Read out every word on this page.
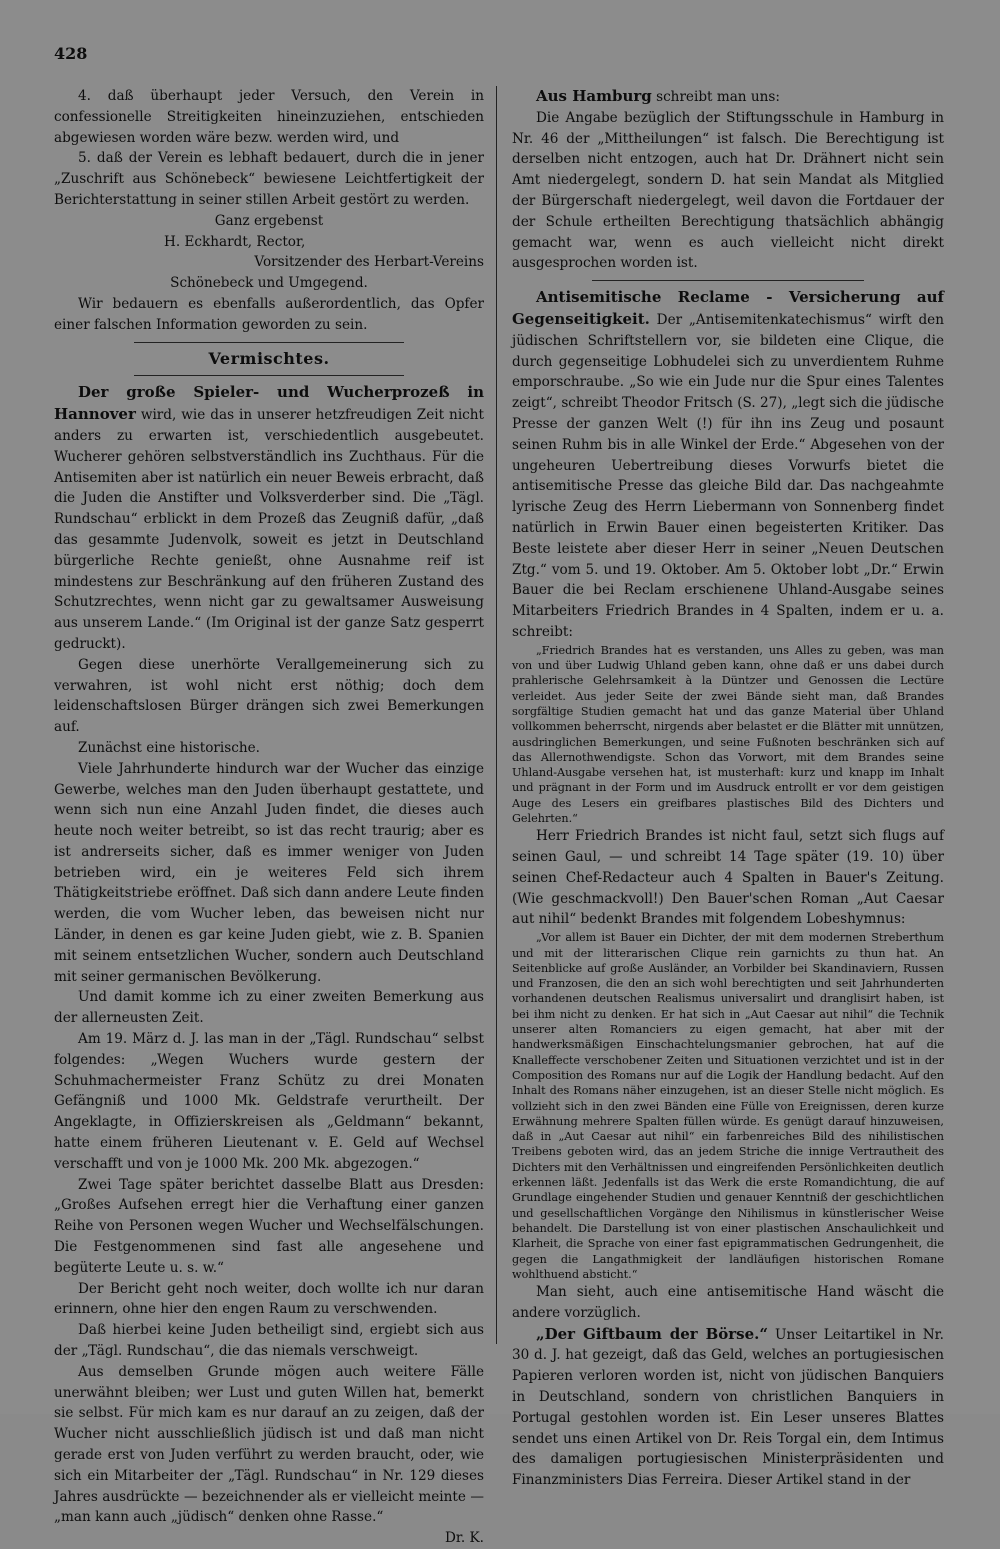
428

4. daß überhaupt jeder Versuch, den Verein in confessionelle Streitigkeiten hineinzuziehen, entschieden abgewiesen worden wäre bezw. werden wird, und

5. daß der Verein es lebhaft bedauert, durch die in jener „Zuschrift aus Schönebeck“ bewiesene Leichtfertigkeit der Berichterstattung in seiner stillen Arbeit gestört zu werden.

Ganz ergebenst

H. Eckhardt, Rector,

Vorsitzender des Herbart-Vereins

Schönebeck und Umgegend.

Wir bedauern es ebenfalls außerordentlich, das Opfer einer falschen Information geworden zu sein.

Vermischtes.

Der große Spieler- und Wucherprozeß in Hannover wird, wie das in unserer hetzfreudigen Zeit nicht anders zu erwarten ist, verschiedentlich ausgebeutet. Wucherer gehören selbstverständlich ins Zuchthaus. Für die Antisemiten aber ist natürlich ein neuer Beweis erbracht, daß die Juden die Anstifter und Volksverderber sind. Die „Tägl. Rundschau“ erblickt in dem Prozeß das Zeugniß dafür, „daß das gesammte Judenvolk, soweit es jetzt in Deutschland bürgerliche Rechte genießt, ohne Ausnahme reif ist mindestens zur Beschränkung auf den früheren Zustand des Schutzrechtes, wenn nicht gar zu gewaltsamer Ausweisung aus unserem Lande.“ (Im Original ist der ganze Satz gesperrt gedruckt).

Gegen diese unerhörte Verallgemeinerung sich zu verwahren, ist wohl nicht erst nöthig; doch dem leidenschaftslosen Bürger drängen sich zwei Bemerkungen auf.

Zunächst eine historische.

Viele Jahrhunderte hindurch war der Wucher das einzige Gewerbe, welches man den Juden überhaupt gestattete, und wenn sich nun eine Anzahl Juden findet, die dieses auch heute noch weiter betreibt, so ist das recht traurig; aber es ist andrerseits sicher, daß es immer weniger von Juden betrieben wird, ein je weiteres Feld sich ihrem Thätigkeitstriebe eröffnet. Daß sich dann andere Leute finden werden, die vom Wucher leben, das beweisen nicht nur Länder, in denen es gar keine Juden giebt, wie z. B. Spanien mit seinem entsetzlichen Wucher, sondern auch Deutschland mit seiner germanischen Bevölkerung.

Und damit komme ich zu einer zweiten Bemerkung aus der allerneusten Zeit.

Am 19. März d. J. las man in der „Tägl. Rundschau“ selbst folgendes: „Wegen Wuchers wurde gestern der Schuhmachermeister Franz Schütz zu drei Monaten Gefängniß und 1000 Mk. Geldstrafe verurtheilt. Der Angeklagte, in Offizierskreisen als „Geldmann“ bekannt, hatte einem früheren Lieutenant v. E. Geld auf Wechsel verschafft und von je 1000 Mk. 200 Mk. abgezogen.“

Zwei Tage später berichtet dasselbe Blatt aus Dresden: „Großes Aufsehen erregt hier die Verhaftung einer ganzen Reihe von Personen wegen Wucher und Wechselfälschungen. Die Festgenommenen sind fast alle angesehene und begüterte Leute u. s. w.“

Der Bericht geht noch weiter, doch wollte ich nur daran erinnern, ohne hier den engen Raum zu verschwenden.

Daß hierbei keine Juden betheiligt sind, ergiebt sich aus der „Tägl. Rundschau“, die das niemals verschweigt.

Aus demselben Grunde mögen auch weitere Fälle unerwähnt bleiben; wer Lust und guten Willen hat, bemerkt sie selbst. Für mich kam es nur darauf an zu zeigen, daß der Wucher nicht ausschließlich jüdisch ist und daß man nicht gerade erst von Juden verführt zu werden braucht, oder, wie sich ein Mitarbeiter der „Tägl. Rundschau“ in Nr. 129 dieses Jahres ausdrückte — bezeichnender als er vielleicht meinte — „man kann auch „jüdisch“ denken ohne Rasse.“

Dr. K.

Aus Hamburg schreibt man uns:

Die Angabe bezüglich der Stiftungsschule in Hamburg in Nr. 46 der „Mittheilungen“ ist falsch. Die Berechtigung ist derselben nicht entzogen, auch hat Dr. Drähnert nicht sein Amt niedergelegt, sondern D. hat sein Mandat als Mitglied der Bürgerschaft niedergelegt, weil davon die Fortdauer der der Schule ertheilten Berechtigung thatsächlich abhängig gemacht war, wenn es auch vielleicht nicht direkt ausgesprochen worden ist.

Antisemitische Reclame - Versicherung auf Gegenseitigkeit. Der „Antisemitenkatechismus“ wirft den jüdischen Schriftstellern vor, sie bildeten eine Clique, die durch gegenseitige Lobhudelei sich zu unverdientem Ruhme emporschraube. „So wie ein Jude nur die Spur eines Talentes zeigt“, schreibt Theodor Fritsch (S. 27), „legt sich die jüdische Presse der ganzen Welt (!) für ihn ins Zeug und posaunt seinen Ruhm bis in alle Winkel der Erde.“ Abgesehen von der ungeheuren Uebertreibung dieses Vorwurfs bietet die antisemitische Presse das gleiche Bild dar. Das nachgeahmte lyrische Zeug des Herrn Liebermann von Sonnenberg findet natürlich in Erwin Bauer einen begeisterten Kritiker. Das Beste leistete aber dieser Herr in seiner „Neuen Deutschen Ztg.“ vom 5. und 19. Oktober. Am 5. Oktober lobt „Dr.“ Erwin Bauer die bei Reclam erschienene Uhland-Ausgabe seines Mitarbeiters Friedrich Brandes in 4 Spalten, indem er u. a. schreibt:

„Friedrich Brandes hat es verstanden, uns Alles zu geben, was man von und über Ludwig Uhland geben kann, ohne daß er uns dabei durch prahlerische Gelehrsamkeit à la Düntzer und Genossen die Lectüre verleidet. Aus jeder Seite der zwei Bände sieht man, daß Brandes sorgfältige Studien gemacht hat und das ganze Material über Uhland vollkommen beherrscht, nirgends aber belastet er die Blätter mit unnützen, ausdringlichen Bemerkungen, und seine Fußnoten beschränken sich auf das Allernothwendigste. Schon das Vorwort, mit dem Brandes seine Uhland-Ausgabe versehen hat, ist musterhaft: kurz und knapp im Inhalt und prägnant in der Form und im Ausdruck entrollt er vor dem geistigen Auge des Lesers ein greifbares plastisches Bild des Dichters und Gelehrten.“

Herr Friedrich Brandes ist nicht faul, setzt sich flugs auf seinen Gaul, — und schreibt 14 Tage später (19. 10) über seinen Chef-Redacteur auch 4 Spalten in Bauer's Zeitung. (Wie geschmackvoll!) Den Bauer'schen Roman „Aut Caesar aut nihil“ bedenkt Brandes mit folgendem Lobeshymnus:

„Vor allem ist Bauer ein Dichter, der mit dem modernen Streberthum und mit der litterarischen Clique rein garnichts zu thun hat. An Seitenblicke auf große Ausländer, an Vorbilder bei Skandinaviern, Russen und Franzosen, die den an sich wohl berechtigten und seit Jahrhunderten vorhandenen deutschen Realismus universalirt und dranglisirt haben, ist bei ihm nicht zu denken. Er hat sich in „Aut Caesar aut nihil“ die Technik unserer alten Romanciers zu eigen gemacht, hat aber mit der handwerksmäßigen Einschachtelungsmanier gebrochen, hat auf die Knalleffecte verschobener Zeiten und Situationen verzichtet und ist in der Composition des Romans nur auf die Logik der Handlung bedacht. Auf den Inhalt des Romans näher einzugehen, ist an dieser Stelle nicht möglich. Es vollzieht sich in den zwei Bänden eine Fülle von Ereignissen, deren kurze Erwähnung mehrere Spalten füllen würde. Es genügt darauf hinzuweisen, daß in „Aut Caesar aut nihil“ ein farbenreiches Bild des nihilistischen Treibens geboten wird, das an jedem Striche die innige Vertrautheit des Dichters mit den Verhältnissen und eingreifenden Persönlichkeiten deutlich erkennen läßt. Jedenfalls ist das Werk die erste Romandichtung, die auf Grundlage eingehender Studien und genauer Kenntniß der geschichtlichen und gesellschaftlichen Vorgänge den Nihilismus in künstlerischer Weise behandelt. Die Darstellung ist von einer plastischen Anschaulichkeit und Klarheit, die Sprache von einer fast epigrammatischen Gedrungenheit, die gegen die Langathmigkeit der landläufigen historischen Romane wohlthuend absticht.“

Man sieht, auch eine antisemitische Hand wäscht die andere vorzüglich.

„Der Giftbaum der Börse.“ Unser Leitartikel in Nr. 30 d. J. hat gezeigt, daß das Geld, welches an portugiesischen Papieren verloren worden ist, nicht von jüdischen Banquiers in Deutschland, sondern von christlichen Banquiers in Portugal gestohlen worden ist. Ein Leser unseres Blattes sendet uns einen Artikel von Dr. Reis Torgal ein, dem Intimus des damaligen portugiesischen Ministerpräsidenten und Finanzministers Dias Ferreira. Dieser Artikel stand in der
